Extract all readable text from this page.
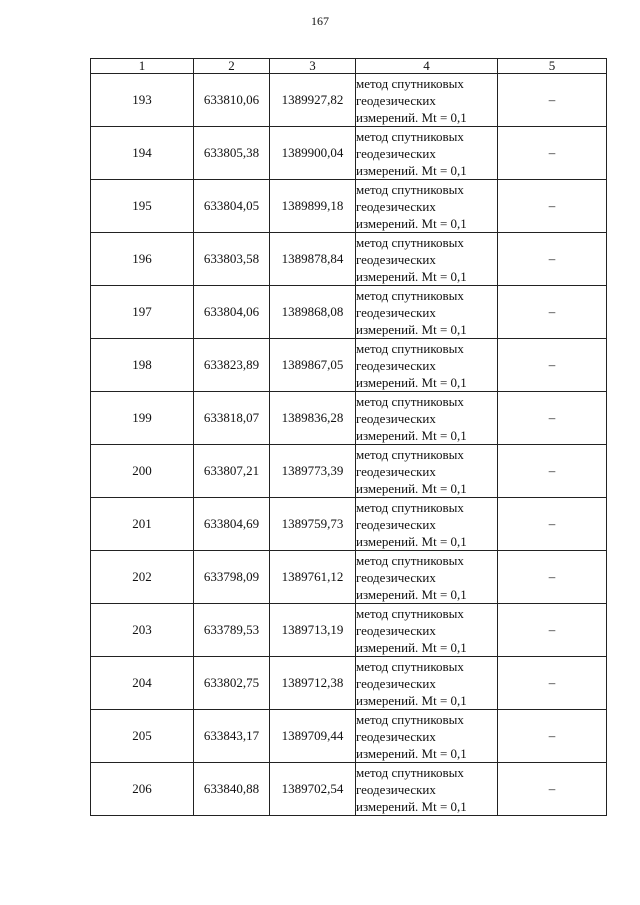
167
1	2	3	4	5
193	633810,06	1389927,82	метод спутниковых
геодезических
измерений. Mt = 0,1	–
194	633805,38	1389900,04	метод спутниковых
геодезических
измерений. Mt = 0,1	–
195	633804,05	1389899,18	метод спутниковых
геодезических
измерений. Mt = 0,1	–
196	633803,58	1389878,84	метод спутниковых
геодезических
измерений. Mt = 0,1	–
197	633804,06	1389868,08	метод спутниковых
геодезических
измерений. Mt = 0,1	–
198	633823,89	1389867,05	метод спутниковых
геодезических
измерений. Mt = 0,1	–
199	633818,07	1389836,28	метод спутниковых
геодезических
измерений. Mt = 0,1	–
200	633807,21	1389773,39	метод спутниковых
геодезических
измерений. Mt = 0,1	–
201	633804,69	1389759,73	метод спутниковых
геодезических
измерений. Mt = 0,1	–
202	633798,09	1389761,12	метод спутниковых
геодезических
измерений. Mt = 0,1	–
203	633789,53	1389713,19	метод спутниковых
геодезических
измерений. Mt = 0,1	–
204	633802,75	1389712,38	метод спутниковых
геодезических
измерений. Mt = 0,1	–
205	633843,17	1389709,44	метод спутниковых
геодезических
измерений. Mt = 0,1	–
206	633840,88	1389702,54	метод спутниковых
геодезических
измерений. Mt = 0,1	–
